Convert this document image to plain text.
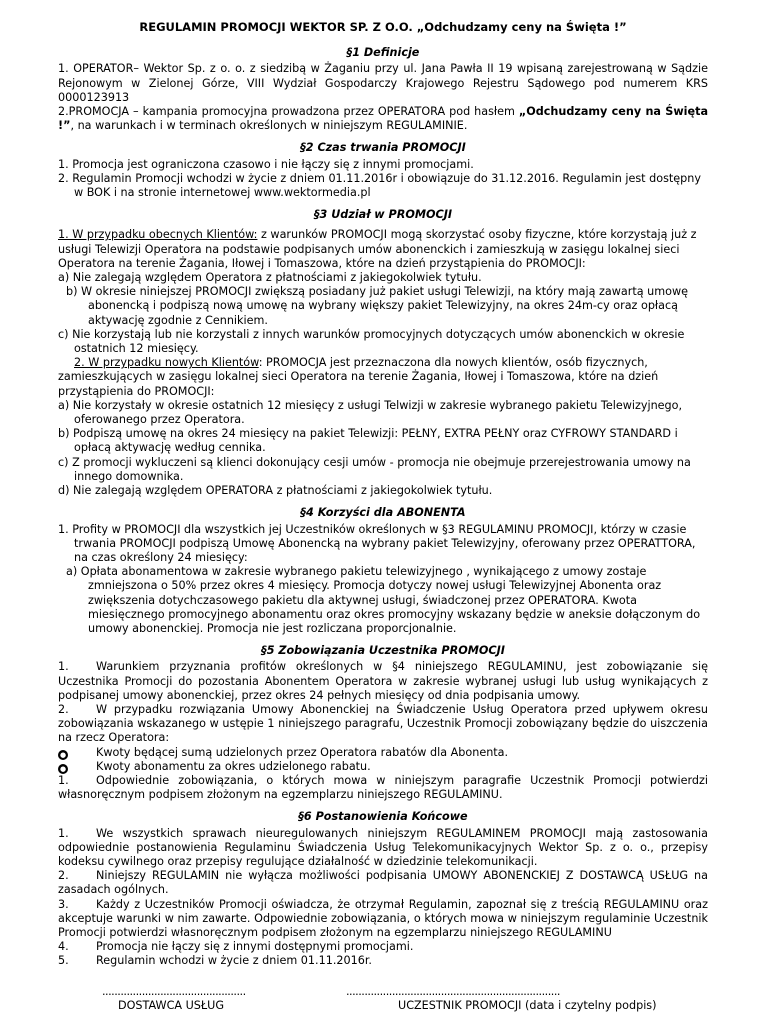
REGULAMIN PROMOCJI WEKTOR SP. Z O.O. „Odchudzamy ceny na Święta !”

§1 Definicje

1. OPERATOR– Wektor Sp. z o. o. z siedzibą w Żaganiu przy ul. Jana Pawła II 19 wpisaną zarejestrowaną w Sądzie Rejonowym w Zielonej Górze, VIII Wydział Gospodarczy Krajowego Rejestru Sądowego pod numerem KRS 0000123913

2.PROMOCJA – kampania promocyjna prowadzona przez OPERATORA pod hasłem „Odchudzamy ceny na Święta !”, na warunkach i w terminach określonych w niniejszym REGULAMINIE.

§2 Czas trwania PROMOCJI

1. Promocja jest ograniczona czasowo i nie łączy się z innymi promocjami.

2. Regulamin Promocji wchodzi w życie z dniem 01.11.2016r i obowiązuje do 31.12.2016. Regulamin jest dostępny w BOK i na stronie internetowej www.wektormedia.pl

§3 Udział w PROMOCJI

1. W przypadku obecnych Klientów: z warunków PROMOCJI mogą skorzystać osoby fizyczne, które korzystają już z usługi Telewizji Operatora na podstawie podpisanych umów abonenckich i zamieszkują w zasięgu lokalnej sieci Operatora na terenie Żagania, Iłowej i Tomaszowa, które na dzień przystąpienia do PROMOCJI:

a) Nie zalegają względem Operatora z płatnościami z jakiegokolwiek tytułu.

b) W okresie niniejszej PROMOCJI zwiększą posiadany już pakiet usługi Telewizji, na który mają zawartą umowę abonencką i podpiszą nową umowę na wybrany większy pakiet Telewizyjny, na okres 24m-cy oraz opłacą aktywację zgodnie z Cennikiem.

c) Nie korzystają lub nie korzystali z innych warunków promocyjnych dotyczących umów abonenckich w okresie ostatnich 12 miesięcy.

2. W przypadku nowych Klientów: PROMOCJA jest przeznaczona dla nowych klientów, osób fizycznych, zamieszkujących w zasięgu lokalnej sieci Operatora na terenie Żagania, Iłowej i Tomaszowa, które na dzień przystąpienia do PROMOCJI:

a) Nie korzystały w okresie ostatnich 12 miesięcy z usługi Telwizji w zakresie wybranego pakietu Telewizyjnego, oferowanego przez Operatora.

b) Podpiszą umowę na okres 24 miesięcy na pakiet Telewizji: PEŁNY, EXTRA PEŁNY oraz CYFROWY STANDARD i opłacą aktywację według cennika.

c) Z promocji wykluczeni są klienci dokonujący cesji umów - promocja nie obejmuje przerejestrowania umowy na innego domownika.

d) Nie zalegają względem OPERATORA z płatnościami z jakiegokolwiek tytułu.

§4 Korzyści dla ABONENTA

1. Profity w PROMOCJI dla wszystkich jej Uczestników określonych w §3 REGULAMINU PROMOCJI, którzy w czasie trwania PROMOCJI podpiszą Umowę Abonencką na wybrany pakiet Telewizyjny, oferowany przez OPERATTORA, na czas określony 24 miesięcy:

a) Opłata abonamentowa w zakresie wybranego pakietu telewizyjnego , wynikającego z umowy zostaje zmniejszona o 50% przez okres 4 miesięcy. Promocja dotyczy nowej usługi Telewizyjnej Abonenta oraz zwiększenia dotychczasowego pakietu dla aktywnej usługi, świadczonej przez OPERATORA. Kwota miesięcznego promocyjnego abonamentu oraz okres promocyjny wskazany będzie w aneksie dołączonym do umowy abonenckiej. Promocja nie jest rozliczana proporcjonalnie.

§5 Zobowiązania Uczestnika PROMOCJI

1. Warunkiem przyznania profitów określonych w §4 niniejszego REGULAMINU, jest zobowiązanie się Uczestnika Promocji do pozostania Abonentem Operatora w zakresie wybranej usługi lub usług wynikających z podpisanej umowy abonenckiej, przez okres 24 pełnych miesięcy od dnia podpisania umowy.

2. W przypadku rozwiązania Umowy Abonenckiej na Świadczenie Usług Operatora przed upływem okresu zobowiązania wskazanego w ustępie 1 niniejszego paragrafu, Uczestnik Promocji zobowiązany będzie do uiszczenia na rzecz Operatora:

●	Kwoty będącej sumą udzielonych przez Operatora rabatów dla Abonenta.

●	Kwoty abonamentu za okres udzielonego rabatu.

1. Odpowiednie zobowiązania, o których mowa w niniejszym paragrafie Uczestnik Promocji potwierdzi własnoręcznym podpisem złożonym na egzemplarzu niniejszego REGULAMINU.

§6 Postanowienia Końcowe

1. We wszystkich sprawach nieuregulowanych niniejszym REGULAMINEM PROMOCJI mają zastosowania odpowiednie postanowienia Regulaminu Świadczenia Usług Telekomunikacyjnych Wektor Sp. z o. o., przepisy kodeksu cywilnego oraz przepisy regulujące działalność w dziedzinie telekomunikacji.

2. Niniejszy REGULAMIN nie wyłącza możliwości podpisania UMOWY ABONENCKIEJ Z DOSTAWCĄ USŁUG na zasadach ogólnych.

3. Każdy z Uczestników Promocji oświadcza, że otrzymał Regulamin, zapoznał się z treścią REGULAMINU oraz akceptuje warunki w nim zawarte. Odpowiednie zobowiązania, o których mowa w niniejszym regulaminie Uczestnik Promocji potwierdzi własnoręcznym podpisem złożonym na egzemplarzu niniejszego REGULAMINU

4. Promocja nie łączy się z innymi dostępnymi promocjami.

5. Regulamin wchodzi w życie z dniem 01.11.2016r.

...............................................
DOSTAWCA USŁUG
......................................................................
UCZESTNIK PROMOCJI (data i czytelny podpis)
